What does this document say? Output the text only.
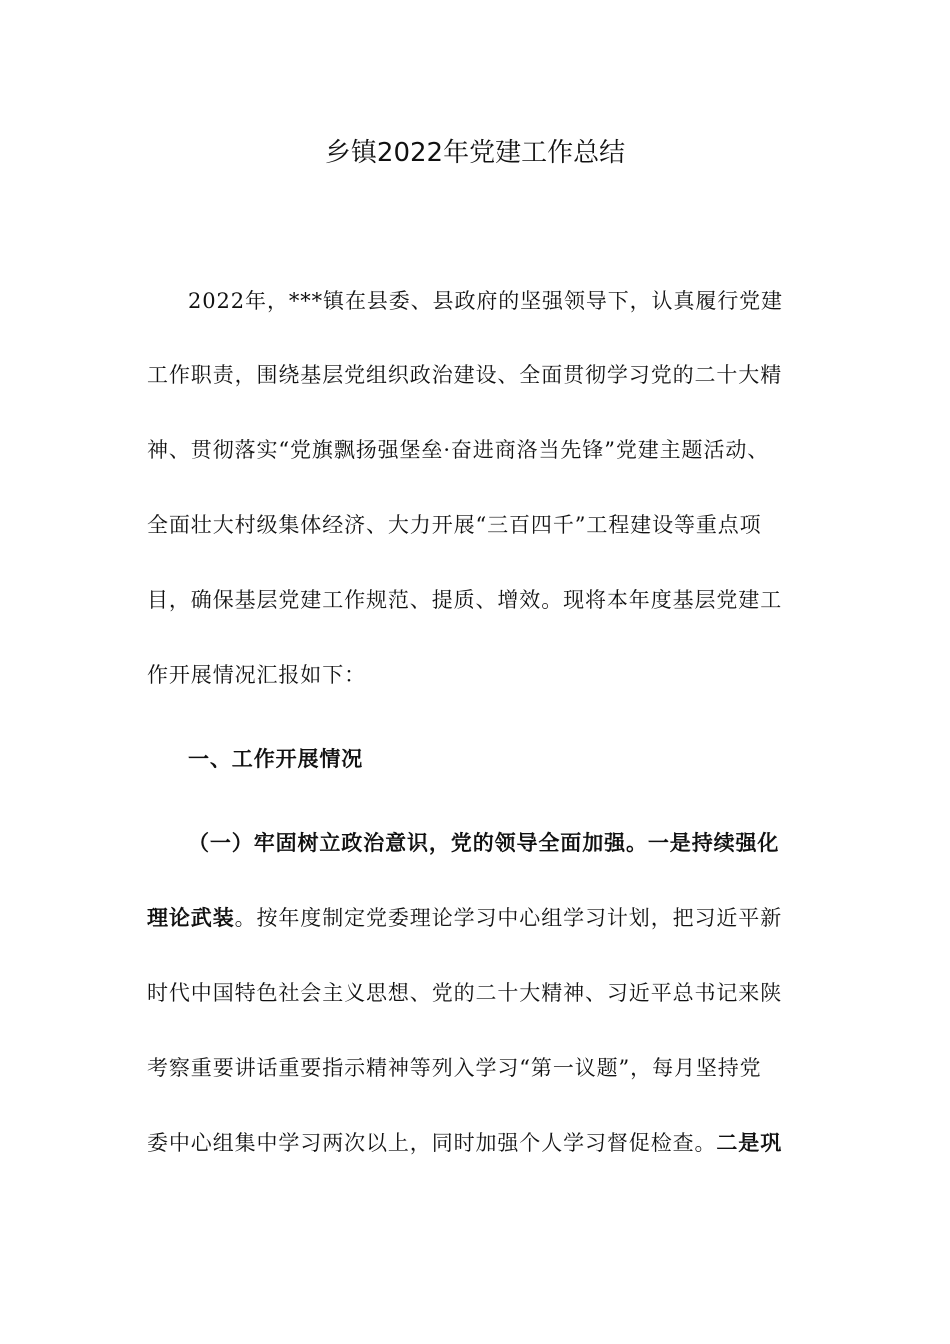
乡镇2022年党建工作总结
2022年，***镇在县委、县政府的坚强领导下，认真履行党建
工作职责，围绕基层党组织政治建设、全面贯彻学习党的二十大精
神、贯彻落实“党旗飘扬强堡垒·奋进商洛当先锋”党建主题活动、
全面壮大村级集体经济、大力开展“三百四千”工程建设等重点项
目，确保基层党建工作规范、提质、增效。现将本年度基层党建工
作开展情况汇报如下：
一、工作开展情况
（一）牢固树立政治意识，党的领导全面加强。一是持续强化
理论武装。按年度制定党委理论学习中心组学习计划，把习近平新
时代中国特色社会主义思想、党的二十大精神、习近平总书记来陕
考察重要讲话重要指示精神等列入学习“第一议题”，每月坚持党
委中心组集中学习两次以上，同时加强个人学习督促检查。二是巩
